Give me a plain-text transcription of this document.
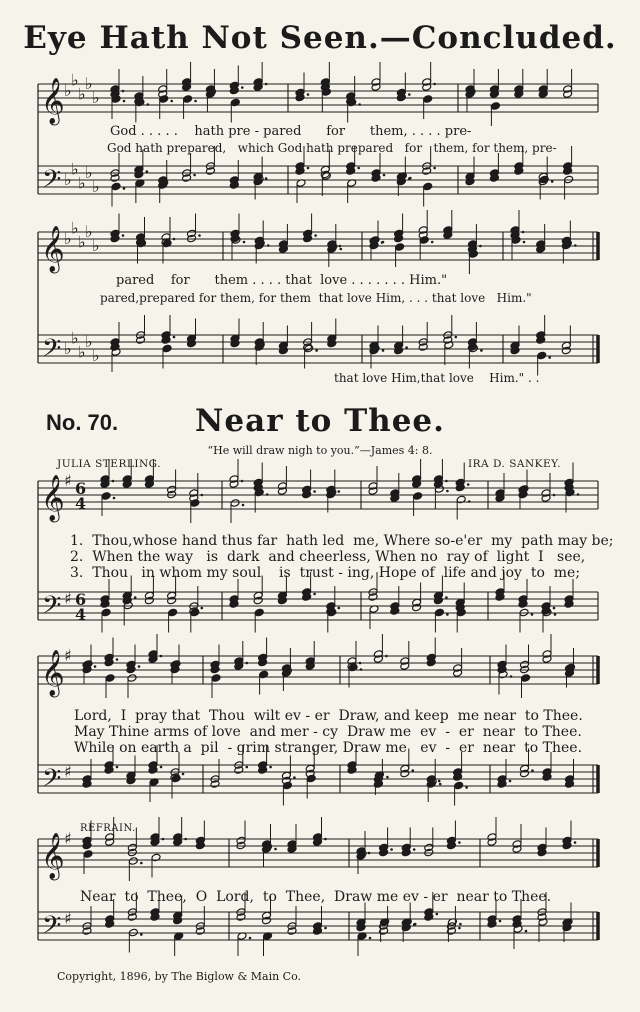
Eye Hath Not Seen.—Concluded.
No. 70.	Near to Thee.
“He will draw nigh to you.”—James 4: 8.
JULIA STERLING.	IRA D. SANKEY.
REFRAIN.
Copyright, 1896, by The Biglow & Main Co.
God . . . . .    hath pre - pared      for      them, . . . . pre-
God hath prepared,   which God hath prepared   for   them, for them, pre-
pared    for      them . . . . that  love . . . . . . . Him."
pared,prepared for them, for them  that love Him, . . . that love   Him."
that love Him,that love    Him." . .
1.  Thou,whose hand thus far  hath led  me, Where so-e'er  my  path may be;
2.  When the way   is  dark  and cheerless, When no  ray of  light  I   see,
3.  Thou   in whom my soul    is  trust - ing, Hope of  life and joy  to  me;
Lord,  I  pray that  Thou  wilt ev - er  Draw, and keep  me near  to Thee.
May Thine arms of love  and mer - cy  Draw me  ev  -  er  near  to Thee.
While on earth a  pil  - grim stranger, Draw me   ev  -  er  near  to Thee.
Near  to  Thee,  O  Lord,  to  Thee,  Draw me ev - er  near to Thee.
𝄞
𝄢
♭
♭
♭
♭
♭
♭
♭
♭
♭
♭
𝄞
𝄢
♭
♭
♭
♭
♭
♭
♭
♭
♭
♭
𝄞
𝄢
♯
♯
6
4
6
4
𝄞
𝄢
♯
♯
𝄞
𝄢
♯
♯
